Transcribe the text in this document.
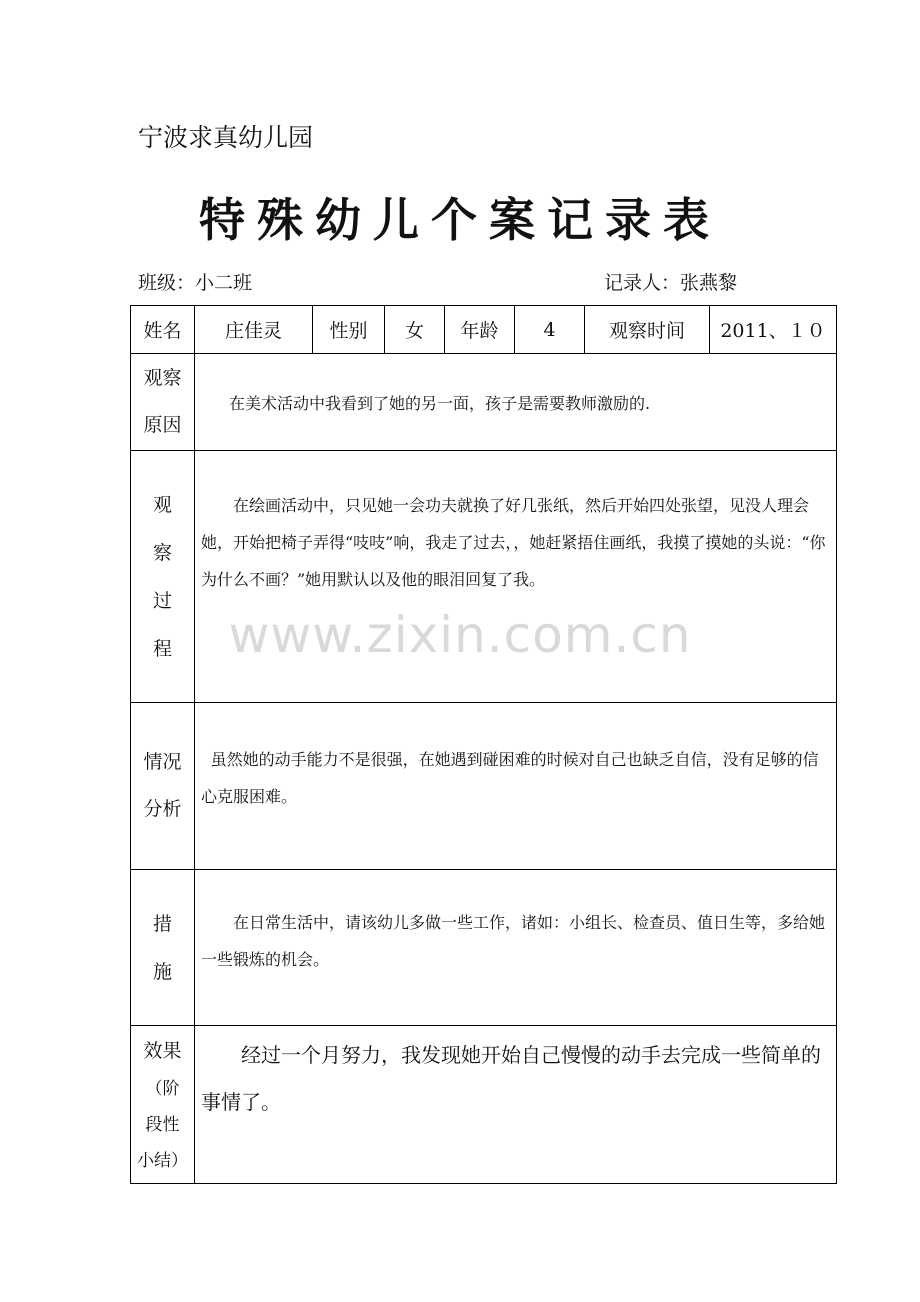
宁波求真幼儿园
特殊幼儿个案记录表
班级：小二班	记录人：张燕黎
姓名	庄佳灵	性别	女	年龄	4	观察时间	2011、１０

观察
原因	在美术活动中我看到了她的另一面，孩子是需要教师激励的.						

观
察
过
程	在绘画活动中，只见她一会功夫就换了好几张纸，然后开始四处张望，见没人理会她，开始把椅子弄得“吱吱”响，我走了过去，，她赶紧捂住画纸，我摸了摸她的头说：“你为什么不画？”她用默认以及他的眼泪回复了我。						

情况
分析	虽然她的动手能力不是很强，在她遇到碰困难的时候对自己也缺乏自信，没有足够的信心克服困难。						

措
施	在日常生活中，请该幼儿多做一些工作，诸如：小组长、检查员、值日生等，多给她一些锻炼的机会。						

效果
（阶
段性
小结）	经过一个月努力，我发现她开始自己慢慢的动手去完成一些简单的事情了。						
www.zixin.com.cn
